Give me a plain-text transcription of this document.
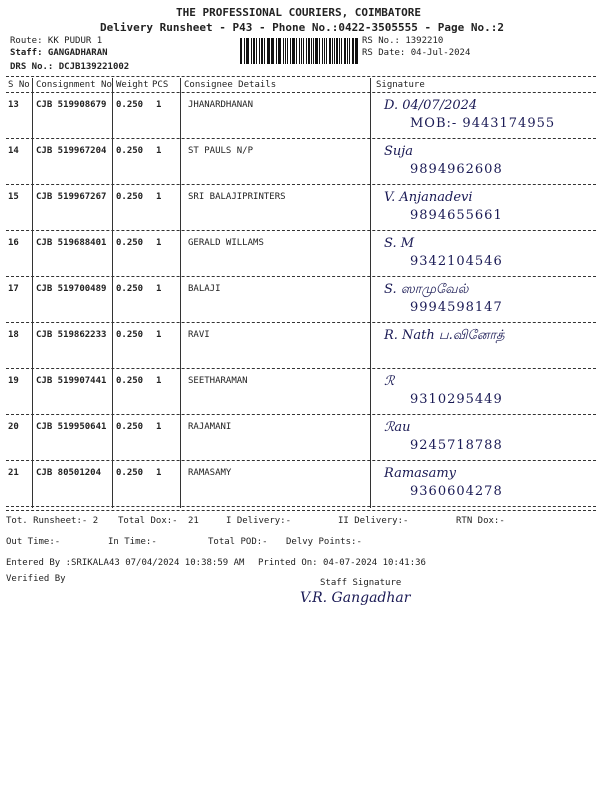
THE PROFESSIONAL COURIERS, COIMBATORE
Delivery Runsheet - P43 - Phone No.:0422-3505555 - Page No.:2
Route: KK PUDUR 1
Staff: GANGADHARAN
DRS No.: DCJB139221002
RS No.: 1392210
RS Date: 04-Jul-2024
S No Consignment No Weight PCS Consignee Details	Signature
13 CJB 519908679 0.250 1	JHANARDHANAN	D. 04/07/2024
MOB:- 9443174955
14 CJB 519967204 0.250 1	ST PAULS N/P	Suja
9894962608
15 CJB 519967267 0.250 1	SRI BALAJIPRINTERS	V. Anjanadevi
9894655661
16 CJB 519688401 0.250 1	GERALD WILLAMS	S. M
9342104546
17 CJB 519700489 0.250 1	BALAJI	S. ஸாமுவேல்
9994598147
18 CJB 519862233 0.250 1	RAVI	R. Nath ப.வினோத்
19 CJB 519907441 0.250 1	SEETHARAMAN	ℛ
9310295449
20 CJB 519950641 0.250 1	RAJAMANI	ℛau
9245718788
21 CJB 80501204 0.250 1	RAMASAMY	Ramasamy
9360604278
Tot. Runsheet:- 2 Total Dox:- 21	I Delivery:-	II Delivery:-	RTN Dox:-
Out Time:-	In Time:-	Total POD:- Delvy Points:-
Entered By :SRIKALA43 07/04/2024 10:38:59 AM Printed On: 04-07-2024 10:41:36
Verified By	Staff Signature
V.R. Gangadhar
